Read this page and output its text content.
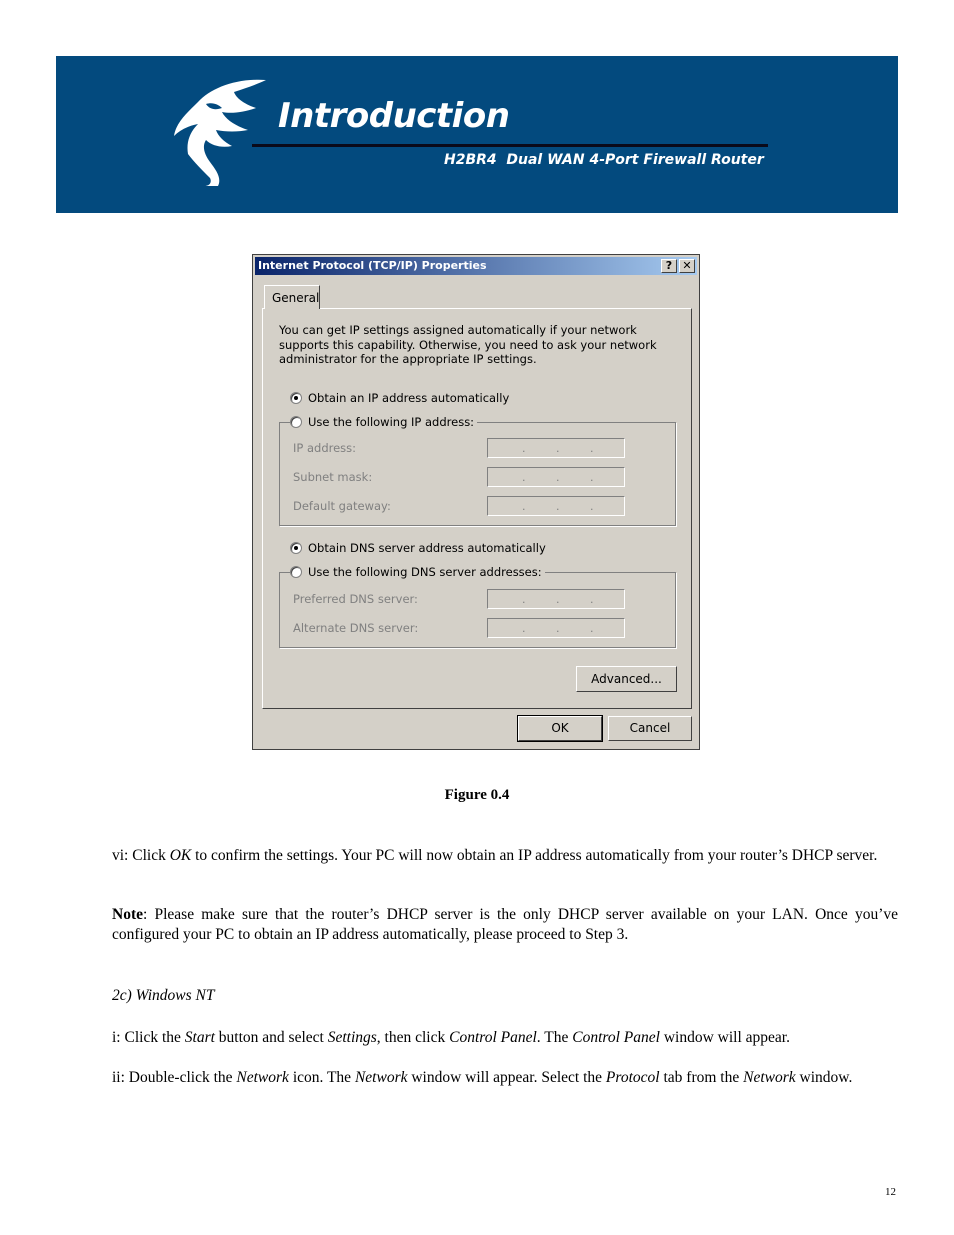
Introduction
H2BR4  Dual WAN 4-Port Firewall Router
Internet Protocol (TCP/IP) Properties	? ✕
General
You can get IP settings assigned automatically if your network supports this capability. Otherwise, you need to ask your network administrator for the appropriate IP settings.
Obtain an IP address automatically
Use the following IP address:
IP address:	.	.	.
Subnet mask:	.	.	.
Default gateway:	.	.	.
Obtain DNS server address automatically
Use the following DNS server addresses:
Preferred DNS server:	.	.	.
Alternate DNS server:	.	.	.
Advanced...
OK	Cancel
Figure 0.4
vi: Click OK to confirm the settings. Your PC will now obtain an IP address automatically from your router’s DHCP server.
Note: Please make sure that the router’s DHCP server is the only DHCP server available on your LAN. Once you’ve configured your PC to obtain an IP address automatically, please proceed to Step 3.
2c) Windows NT
i: Click the Start button and select Settings, then click Control Panel. The Control Panel window will appear.
ii: Double-click the Network icon. The Network window will appear. Select the Protocol tab from the Network window.
12
